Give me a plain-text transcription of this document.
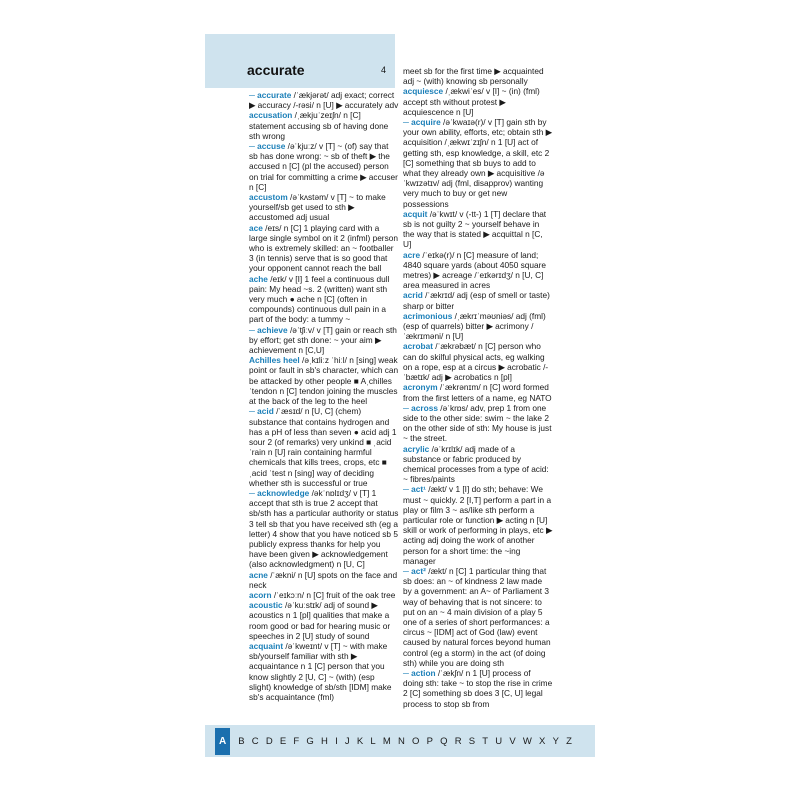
accurate	4
─ accurate /ˈækjərət/ adj exact; correct ▶ accuracy /-rəsi/ n [U] ▶ accurately adv
accusation /ˌækjuˈzeɪʃn/ n [C] statement accusing sb of having done sth wrong
─ accuse /əˈkjuːz/ v [T] ~ (of) say that sb has done wrong: ~ sb of theft ▶ the accused n [C] (pl the accused) person on trial for committing a crime ▶ accuser n [C]
accustom /əˈkʌstəm/ v [T] ~ to make yourself/sb get used to sth ▶ accustomed adj usual
ace /eɪs/ n [C] 1 playing card with a large single symbol on it 2 (infml) person who is extremely skilled: an ~ footballer 3 (in tennis) serve that is so good that your opponent cannot reach the ball
ache /eɪk/ v [I] 1 feel a continuous dull pain: My head ~s. 2 (written) want sth very much ● ache n [C] (often in compounds) continuous dull pain in a part of the body: a tummy ~
─ achieve /əˈtʃiːv/ v [T] gain or reach sth by effort; get sth done: ~ your aim ▶ achievement n [C,U]
Achilles heel /əˌkɪliːz ˈhiːl/ n [sing] weak point or fault in sb's character, which can be attacked by other people ■ Aˌchilles ˈtendon n [C] tendon joining the muscles at the back of the leg to the heel
─ acid /ˈæsɪd/ n [U, C] (chem) substance that contains hydrogen and has a pH of less than seven ● acid adj 1 sour 2 (of remarks) very unkind ■ ˌacid ˈrain n [U] rain containing harmful chemicals that kills trees, crops, etc ■ ˌacid ˈtest n [sing] way of deciding whether sth is successful or true
─ acknowledge /əkˈnɒlɪdʒ/ v [T] 1 accept that sth is true 2 accept that sb/sth has a particular authority or status 3 tell sb that you have received sth (eg a letter) 4 show that you have noticed sb 5 publicly express thanks for help you have been given ▶ acknowledgement (also acknowledgment) n [U, C]
acne /ˈækni/ n [U] spots on the face and neck
acorn /ˈeɪkɔːn/ n [C] fruit of the oak tree
acoustic /əˈkuːstɪk/ adj of sound ▶ acoustics n 1 [pl] qualities that make a room good or bad for hearing music or speeches in 2 [U] study of sound
acquaint /əˈkweɪnt/ v [T] ~ with make sb/yourself familiar with sth ▶ acquaintance n 1 [C] person that you know slightly 2 [U, C] ~ (with) (esp slight) knowledge of sb/sth [IDM] make sb's acquaintance (fml)
meet sb for the first time ▶ acquainted adj ~ (with) knowing sb personally
acquiesce /ˌækwiˈes/ v [I] ~ (in) (fml) accept sth without protest ▶ acquiescence n [U]
─ acquire /əˈkwaɪə(r)/ v [T] gain sth by your own ability, efforts, etc; obtain sth ▶ acquisition /ˌækwɪˈzɪʃn/ n 1 [U] act of getting sth, esp knowledge, a skill, etc 2 [C] something that sb buys to add to what they already own ▶ acquisitive /əˈkwɪzətɪv/ adj (fml, disapprov) wanting very much to buy or get new possessions
acquit /əˈkwɪt/ v (-tt-) 1 [T] declare that sb is not guilty 2 ~ yourself behave in the way that is stated ▶ acquittal n [C, U]
acre /ˈeɪkə(r)/ n [C] measure of land; 4840 square yards (about 4050 square metres) ▶ acreage /ˈeɪkərɪdʒ/ n [U, C] area measured in acres
acrid /ˈækrɪd/ adj (esp of smell or taste) sharp or bitter
acrimonious /ˌækrɪˈməʊniəs/ adj (fml) (esp of quarrels) bitter ▶ acrimony /ˈækrɪməni/ n [U]
acrobat /ˈækrəbæt/ n [C] person who can do skilful physical acts, eg walking on a rope, esp at a circus ▶ acrobatic /-ˈbætɪk/ adj ▶ acrobatics n [pl]
acronym /ˈækrənɪm/ n [C] word formed from the first letters of a name, eg NATO
─ across /əˈkrɒs/ adv, prep 1 from one side to the other side: swim ~ the lake 2 on the other side of sth: My house is just ~ the street.
acrylic /əˈkrɪlɪk/ adj made of a substance or fabric produced by chemical processes from a type of acid: ~ fibres/paints
─ act¹ /ækt/ v 1 [I] do sth; behave: We must ~ quickly. 2 [I,T] perform a part in a play or film 3 ~ as/like sth perform a particular role or function ▶ acting n [U] skill or work of performing in plays, etc ▶ acting adj doing the work of another person for a short time: the ~ing manager
─ act² /ækt/ n [C] 1 particular thing that sb does: an ~ of kindness 2 law made by a government: an A~ of Parliament 3 way of behaving that is not sincere: to put on an ~ 4 main division of a play 5 one of a series of short performances: a circus ~ [IDM] act of God (law) event caused by natural forces beyond human control (eg a storm) in the act (of doing sth) while you are doing sth
─ action /ˈækʃn/ n 1 [U] process of doing sth: take ~ to stop the rise in crime 2 [C] something sb does 3 [C, U] legal process to stop sb from
A	B C D E F G H I J K L M N O P Q R S T U V W X Y Z
